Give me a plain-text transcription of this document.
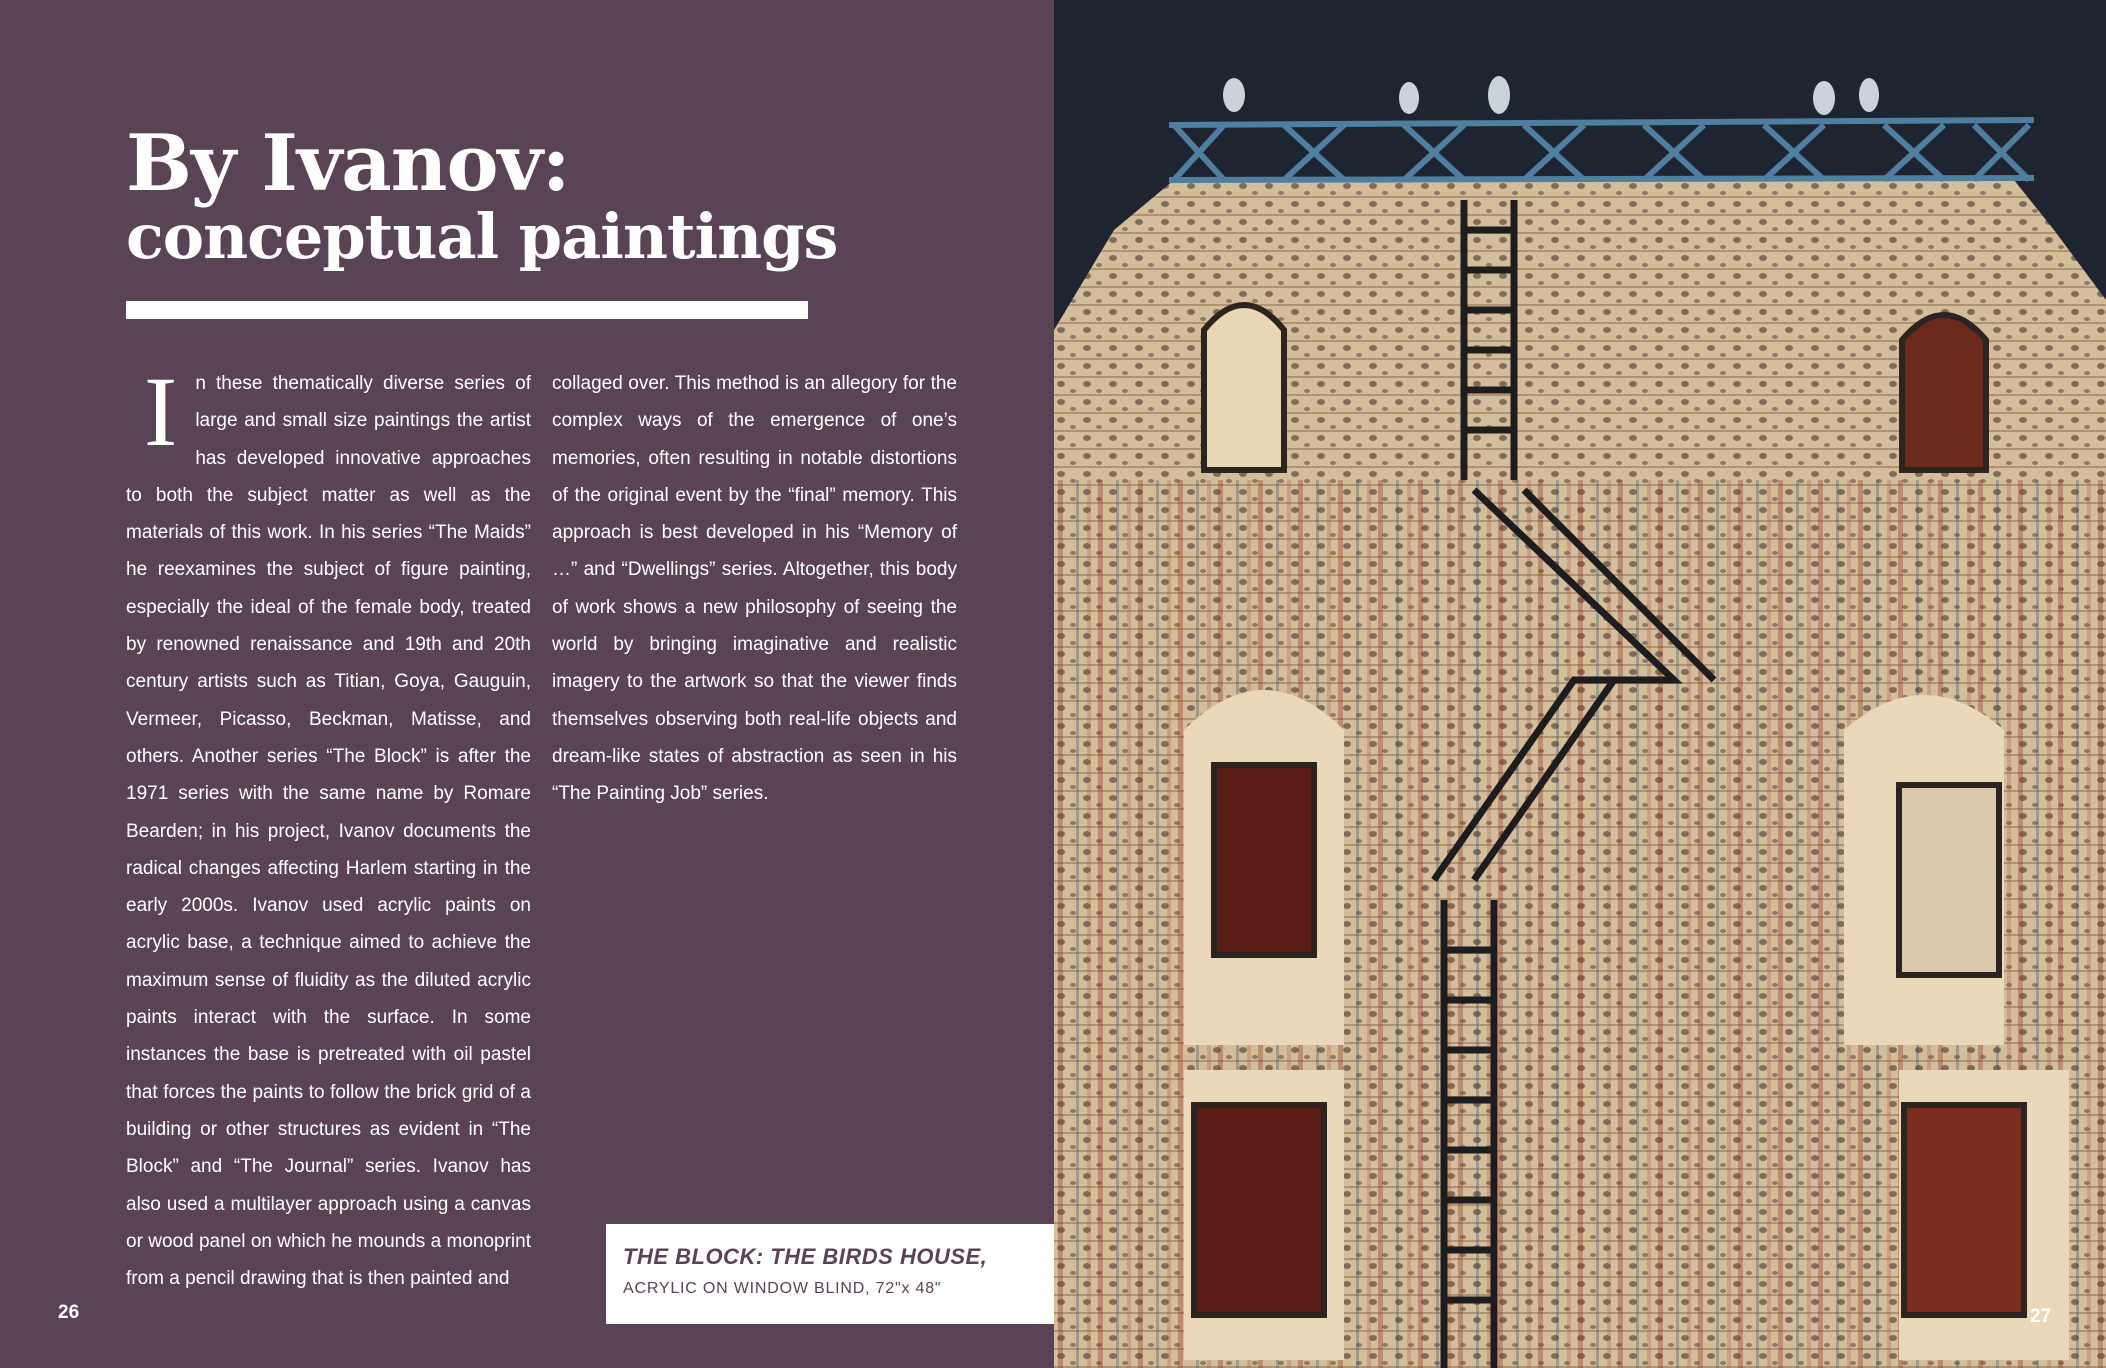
By Ivanov:
conceptual paintings
In these thematically diverse series of large and small size paintings the artist has developed innovative approaches to both the subject matter as well as the materials of this work. In his series “The Maids” he reexamines the subject of figure painting, especially the ideal of the female body, treated by renowned renaissance and 19th and 20th century artists such as Titian, Goya, Gauguin, Vermeer, Picasso, Beckman, Matisse, and others. Another series “The Block” is after the 1971 series with the same name by Romare Bearden; in his project, Ivanov documents the radical changes affecting Harlem starting in the early 2000s. Ivanov used acrylic paints on acrylic base, a technique aimed to achieve the maximum sense of fluidity as the diluted acrylic paints interact with the surface. In some instances the base is pretreated with oil pastel that forces the paints to follow the brick grid of a building or other structures as evident in “The Block” and “The Journal” series. Ivanov has also used a multilayer approach using a canvas or wood panel on which he mounds a monoprint from a pencil drawing that is then painted and
collaged over. This method is an allegory for the complex ways of the emergence of one’s memories, often resulting in notable distortions of the original event by the “final” memory. This approach is best developed in his “Memory of …” and “Dwellings” series. Altogether, this body of work shows a new philosophy of seeing the world by bringing imaginative and realistic imagery to the artwork so that the viewer finds themselves observing both real-life objects and dream-like states of abstraction as seen in his “The Painting Job” series.
THE BLOCK: THE BIRDS HOUSE,
ACRYLIC ON WINDOW BLIND, 72"x 48"
26	27
